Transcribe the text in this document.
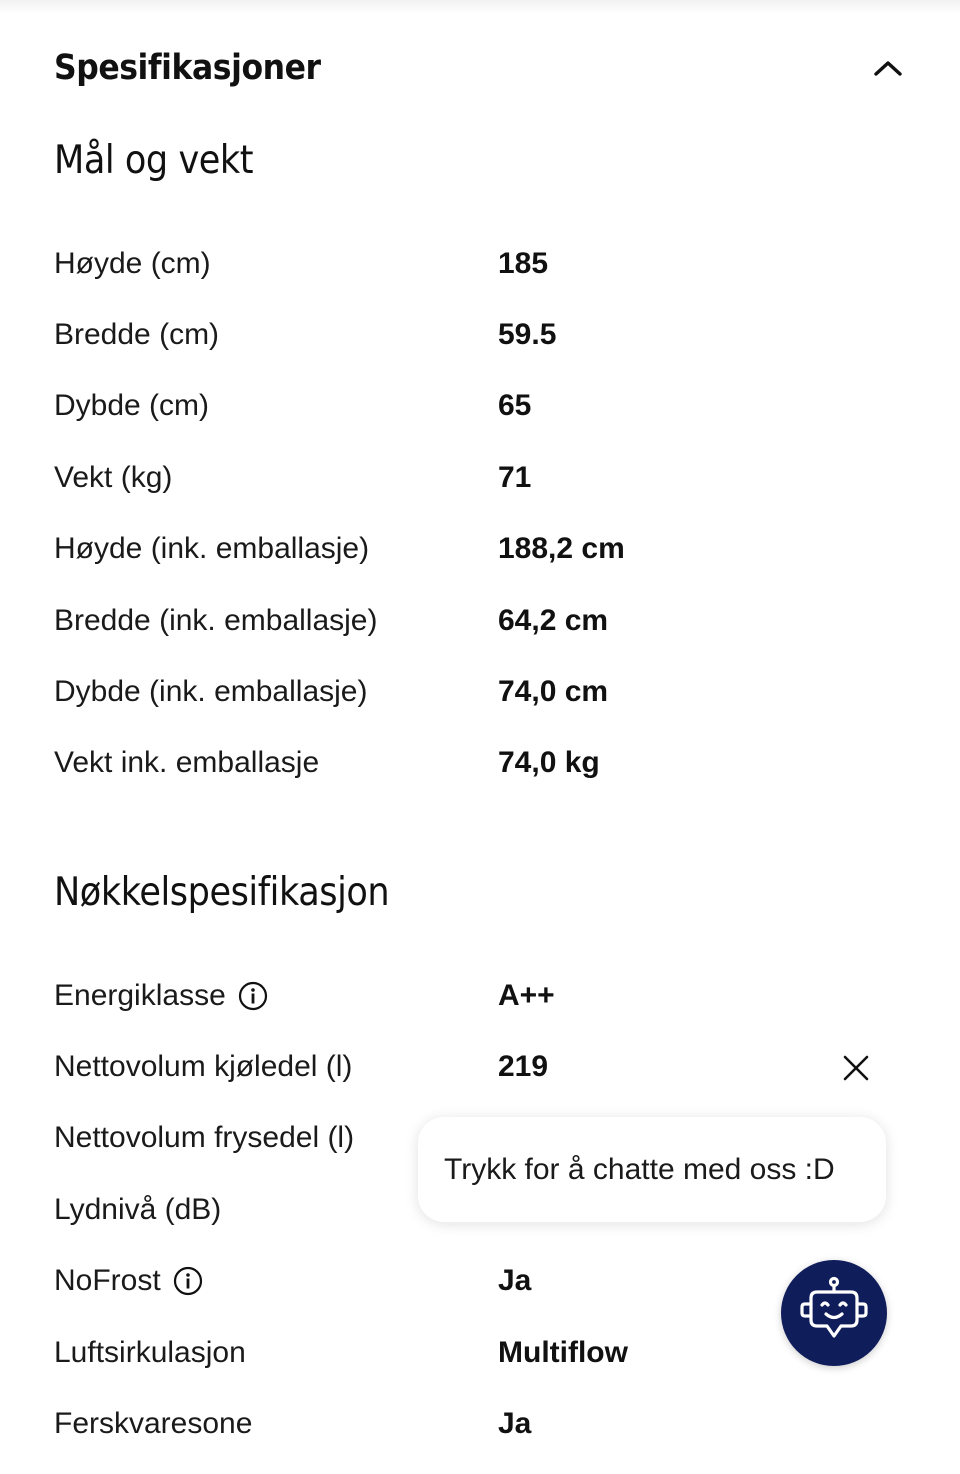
Spesifikasjoner
Mål og vekt
Høyde (cm)	185
Bredde (cm)	59.5
Dybde (cm)	65
Vekt (kg)	71
Høyde (ink. emballasje)	188,2 cm
Bredde (ink. emballasje)	64,2 cm
Dybde (ink. emballasje)	74,0 cm
Vekt ink. emballasje	74,0 kg
Nøkkelspesifikasjon
Energiklasse	A++
Nettovolum kjøledel (l)	219
Nettovolum frysedel (l)
Lydnivå (dB)
NoFrost	Ja
Luftsirkulasjon	Multiflow
Ferskvaresone	Ja
Trykk for å chatte med oss :D
